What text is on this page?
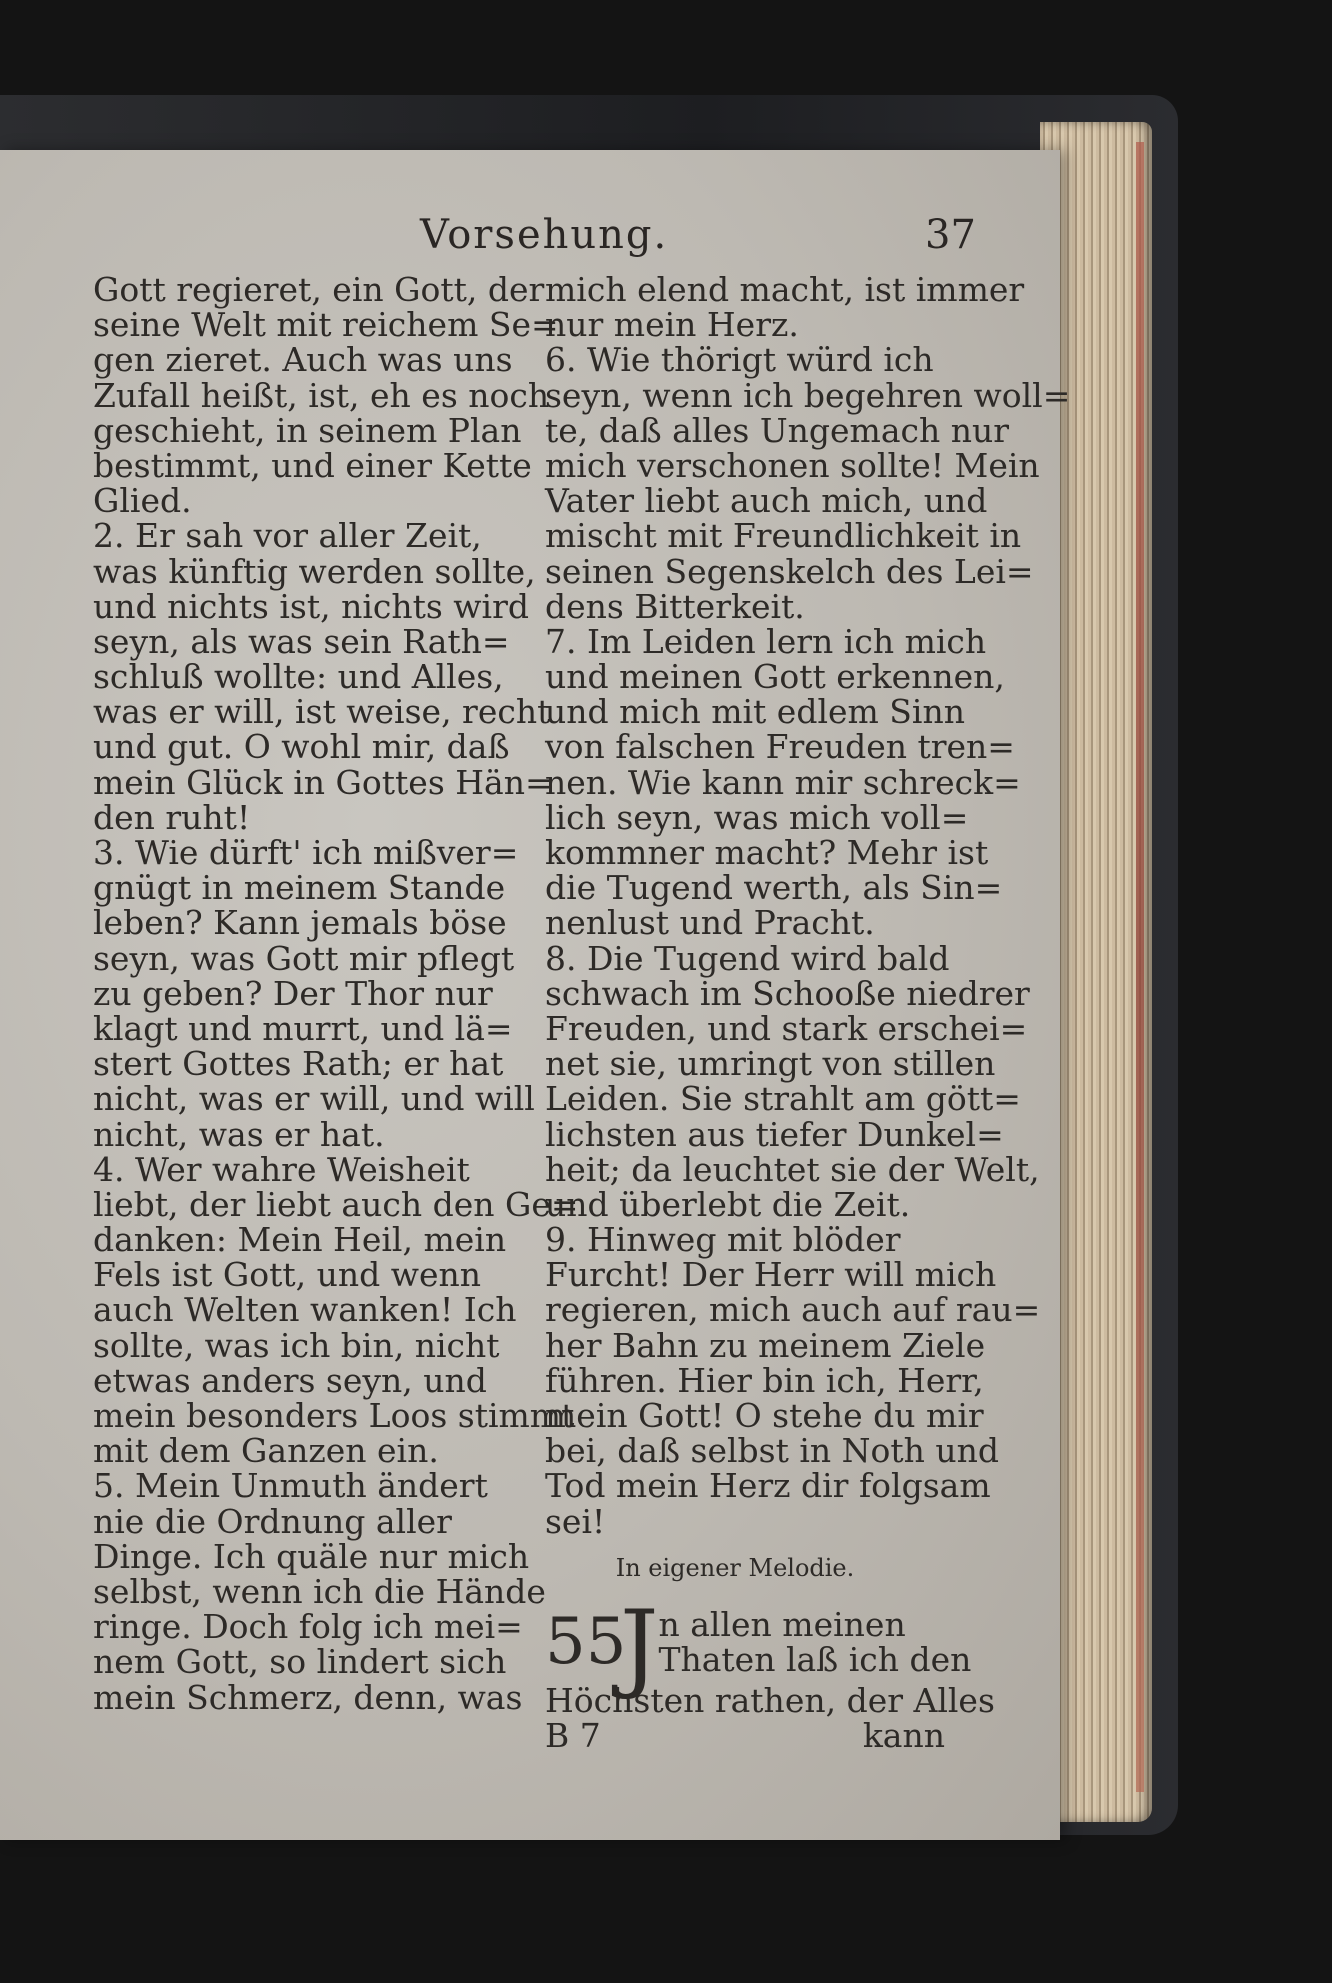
Vorsehung.	37
Gott regieret, ein Gott, der
seine Welt mit reichem Se=
gen zieret. Auch was uns
Zufall heißt, ist, eh es noch
geschieht, in seinem Plan
bestimmt, und einer Kette
Glied.
2. Er sah vor aller Zeit,
was künftig werden sollte,
und nichts ist, nichts wird
seyn, als was sein Rath=
schluß wollte: und Alles,
was er will, ist weise, recht
und gut. O wohl mir, daß
mein Glück in Gottes Hän=
den ruht!
3. Wie dürft' ich mißver=
gnügt in meinem Stande
leben? Kann jemals böse
seyn, was Gott mir pflegt
zu geben? Der Thor nur
klagt und murrt, und lä=
stert Gottes Rath; er hat
nicht, was er will, und will
nicht, was er hat.
4. Wer wahre Weisheit
liebt, der liebt auch den Ge=
danken: Mein Heil, mein
Fels ist Gott, und wenn
auch Welten wanken! Ich
sollte, was ich bin, nicht
etwas anders seyn, und
mein besonders Loos stimmt
mit dem Ganzen ein.
5. Mein Unmuth ändert
nie die Ordnung aller
Dinge. Ich quäle nur mich
selbst, wenn ich die Hände
ringe. Doch folg ich mei=
nem Gott, so lindert sich
mein Schmerz, denn, was
mich elend macht, ist immer
nur mein Herz.
6. Wie thörigt würd ich
seyn, wenn ich begehren woll=
te, daß alles Ungemach nur
mich verschonen sollte! Mein
Vater liebt auch mich, und
mischt mit Freundlichkeit in
seinen Segenskelch des Lei=
dens Bitterkeit.
7. Im Leiden lern ich mich
und meinen Gott erkennen,
und mich mit edlem Sinn
von falschen Freuden tren=
nen. Wie kann mir schreck=
lich seyn, was mich voll=
kommner macht? Mehr ist
die Tugend werth, als Sin=
nenlust und Pracht.
8. Die Tugend wird bald
schwach im Schooße niedrer
Freuden, und stark erschei=
net sie, umringt von stillen
Leiden. Sie strahlt am gött=
lichsten aus tiefer Dunkel=
heit; da leuchtet sie der Welt,
und überlebt die Zeit.
9. Hinweg mit blöder
Furcht! Der Herr will mich
regieren, mich auch auf rau=
her Bahn zu meinem Ziele
führen. Hier bin ich, Herr,
mein Gott! O stehe du mir
bei, daß selbst in Noth und
Tod mein Herz dir folgsam
sei!
In eigener Melodie.
55
J n allen meinen
Thaten laß ich den
Höchsten rathen, der Alles
B 7	kann
